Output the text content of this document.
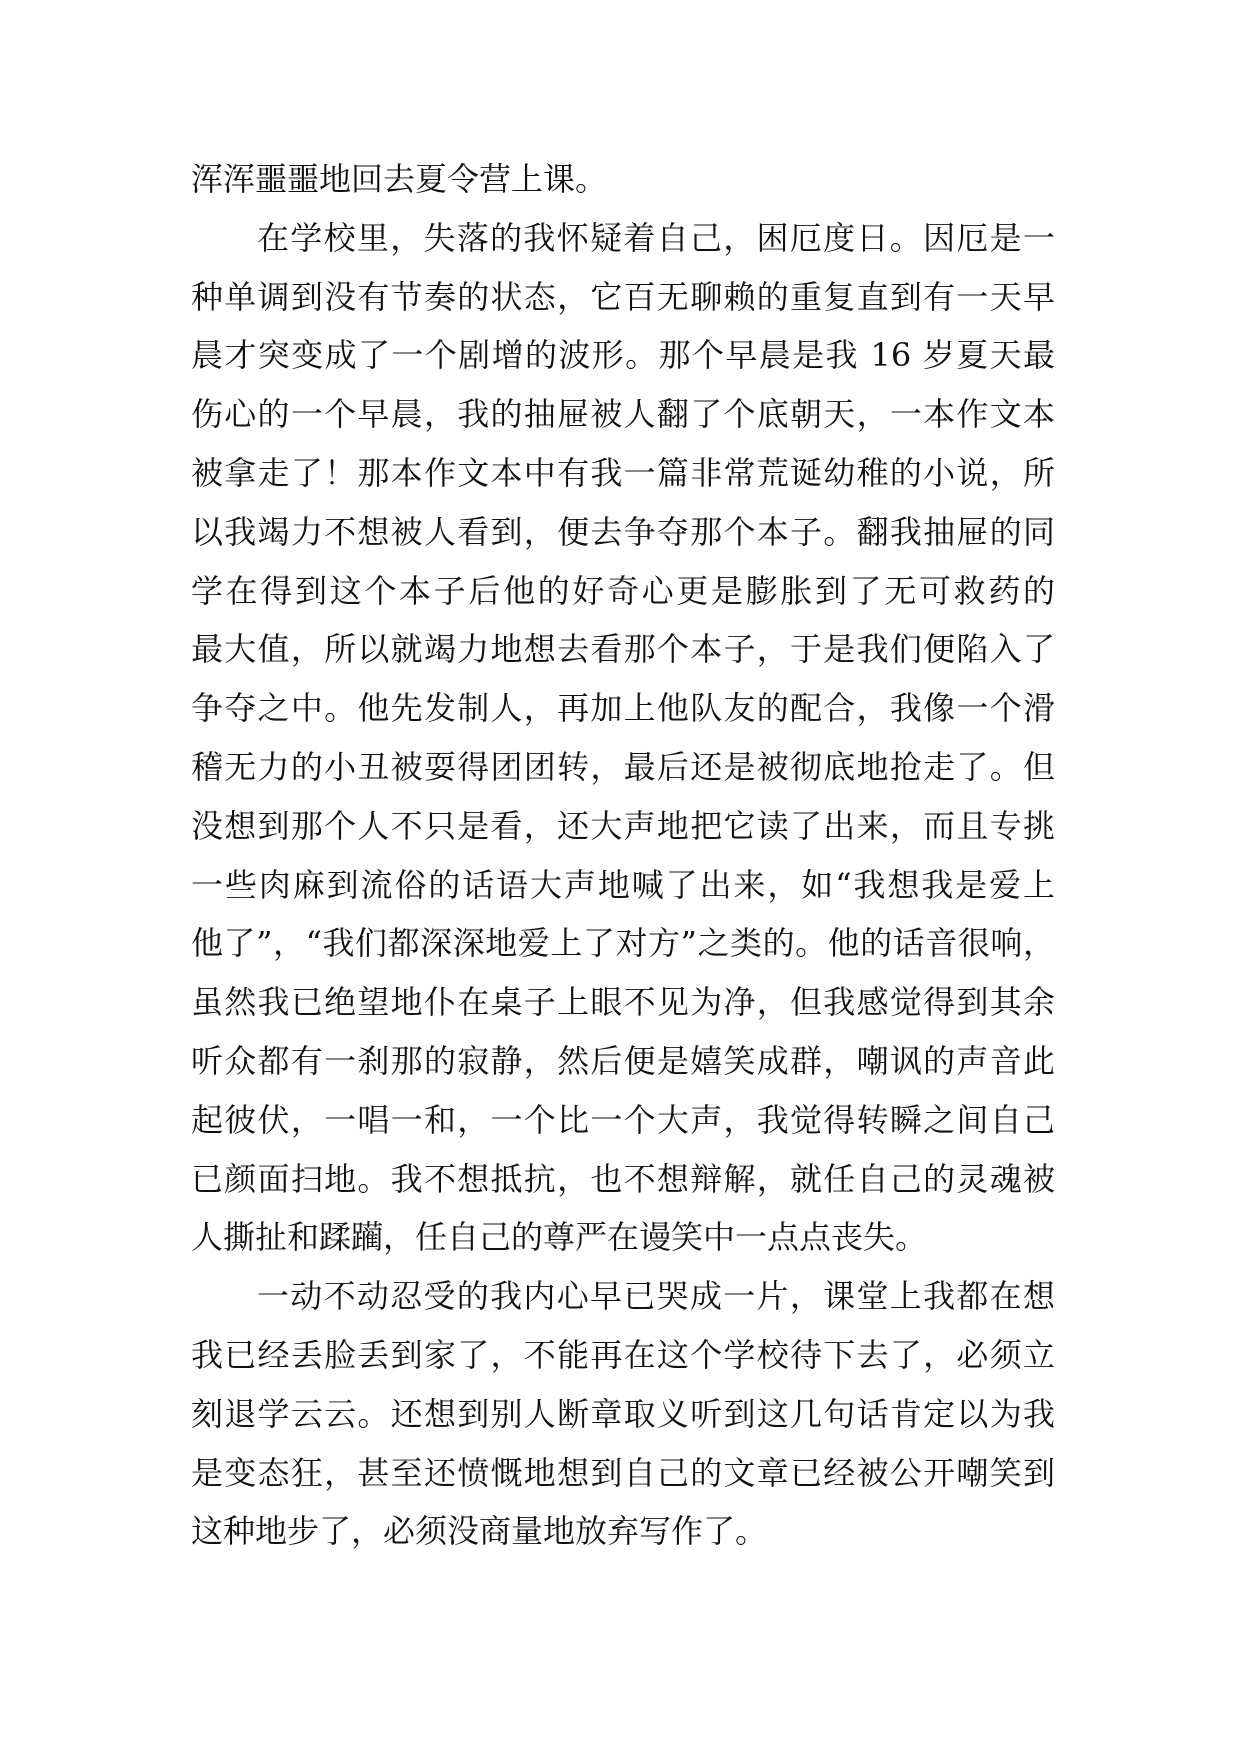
浑浑噩噩地回去夏令营上课。
在学校里，失落的我怀疑着自己，困厄度日。因厄是一
种单调到没有节奏的状态，它百无聊赖的重复直到有一天早
晨才突变成了一个剧增的波形。那个早晨是我 16 岁夏天最
伤心的一个早晨，我的抽屉被人翻了个底朝天，一本作文本
被拿走了！那本作文本中有我一篇非常荒诞幼稚的小说，所
以我竭力不想被人看到，便去争夺那个本子。翻我抽屉的同
学在得到这个本子后他的好奇心更是膨胀到了无可救药的
最大值，所以就竭力地想去看那个本子，于是我们便陷入了
争夺之中。他先发制人，再加上他队友的配合，我像一个滑
稽无力的小丑被耍得团团转，最后还是被彻底地抢走了。但
没想到那个人不只是看，还大声地把它读了出来，而且专挑
一些肉麻到流俗的话语大声地喊了出来，如“我想我是爱上
他了”，“我们都深深地爱上了对方”之类的。他的话音很响，
虽然我已绝望地仆在桌子上眼不见为净，但我感觉得到其余
听众都有一刹那的寂静，然后便是嬉笑成群，嘲讽的声音此
起彼伏，一唱一和，一个比一个大声，我觉得转瞬之间自己
已颜面扫地。我不想抵抗，也不想辩解，就任自己的灵魂被
人撕扯和蹂躏，任自己的尊严在谩笑中一点点丧失。
一动不动忍受的我内心早已哭成一片，课堂上我都在想
我已经丢脸丢到家了，不能再在这个学校待下去了，必须立
刻退学云云。还想到别人断章取义听到这几句话肯定以为我
是变态狂，甚至还愤慨地想到自己的文章已经被公开嘲笑到
这种地步了，必须没商量地放弃写作了。
